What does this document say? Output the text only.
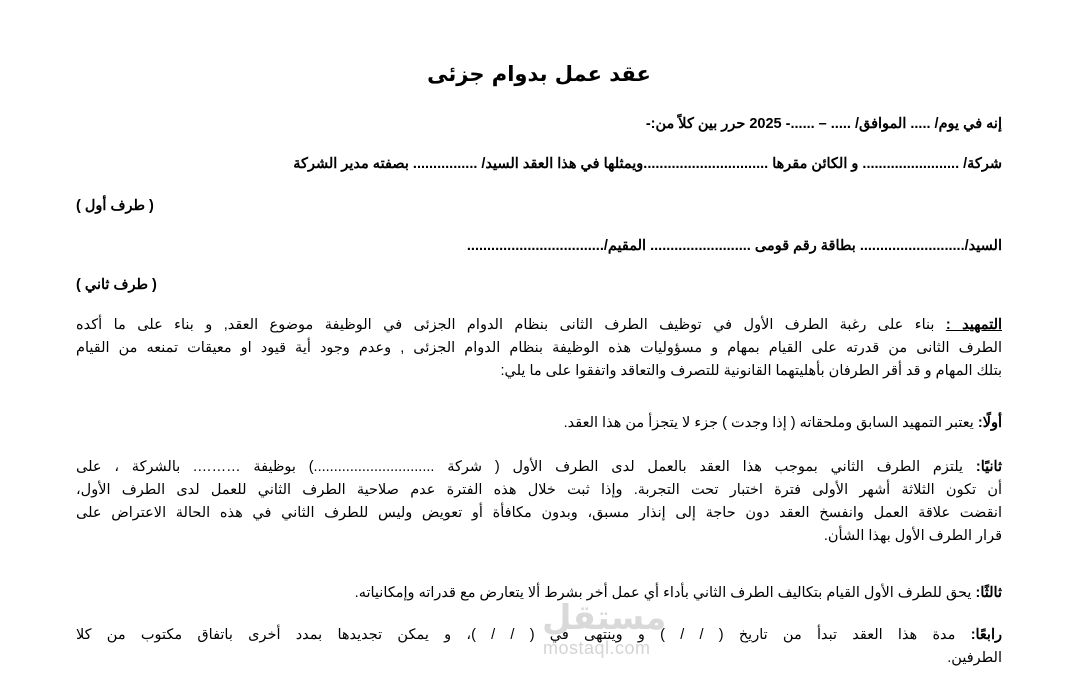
عقد عمل بدوام جزئى
إنه في يوم/ ..... الموافق/ ..... – ......- 2025 حرر بين كلاً من:-
شركة/ ........................ و الكائن مقرها ...............................ويمثلها في هذا العقد السيد/ ................ بصفته مدير الشركة
( طرف أول )
السيد/.......................... بطاقة رقم قومى ......................... المقيم/..................................
( طرف ثاني )
التمهيد : بناء على رغبة الطرف الأول في توظيف الطرف الثانى بنظام الدوام الجزئى في الوظيفة موضوع العقد, و بناء على ما أكده
الطرف الثانى من قدرته على القيام بمهام و مسؤوليات هذه الوظيفة بنظام الدوام الجزئى , وعدم وجود أية قيود او معيقات تمنعه من القيام
بتلك المهام و قد أقر الطرفان بأهليتهما القانونية للتصرف والتعاقد واتفقوا على ما يلي:
أولًا: يعتبر التمهيد السابق وملحقاته ( إذا وجدت ) جزء لا يتجزأ من هذا العقد.
ثانيًا: يلتزم الطرف الثاني بموجب هذا العقد بالعمل لدى الطرف الأول ( شركة ..............................) بوظيفة ………. بالشركة ، على
أن تكون الثلاثة أشهر الأولى فترة اختبار تحت التجربة. وإذا ثبت خلال هذه الفترة عدم صلاحية الطرف الثاني للعمل لدى الطرف الأول،
انقضت علاقة العمل وانفسخ العقد دون حاجة إلى إنذار مسبق، وبدون مكافأة أو تعويض وليس للطرف الثاني في هذه الحالة الاعتراض على
قرار الطرف الأول بهذا الشأن.
ثالثًا: يحق للطرف الأول القيام بتكاليف الطرف الثاني بأداء أي عمل أخر بشرط ألا يتعارض مع قدراته وإمكانياته.
رابعًا: مدة هذا العقد تبدأ من تاريخ ( / / ) و وينتهى في ( / / )، و يمكن تجديدها بمدد أخرى باتفاق مكتوب من كلا
الطرفين.
مستقل
mostaql.com
